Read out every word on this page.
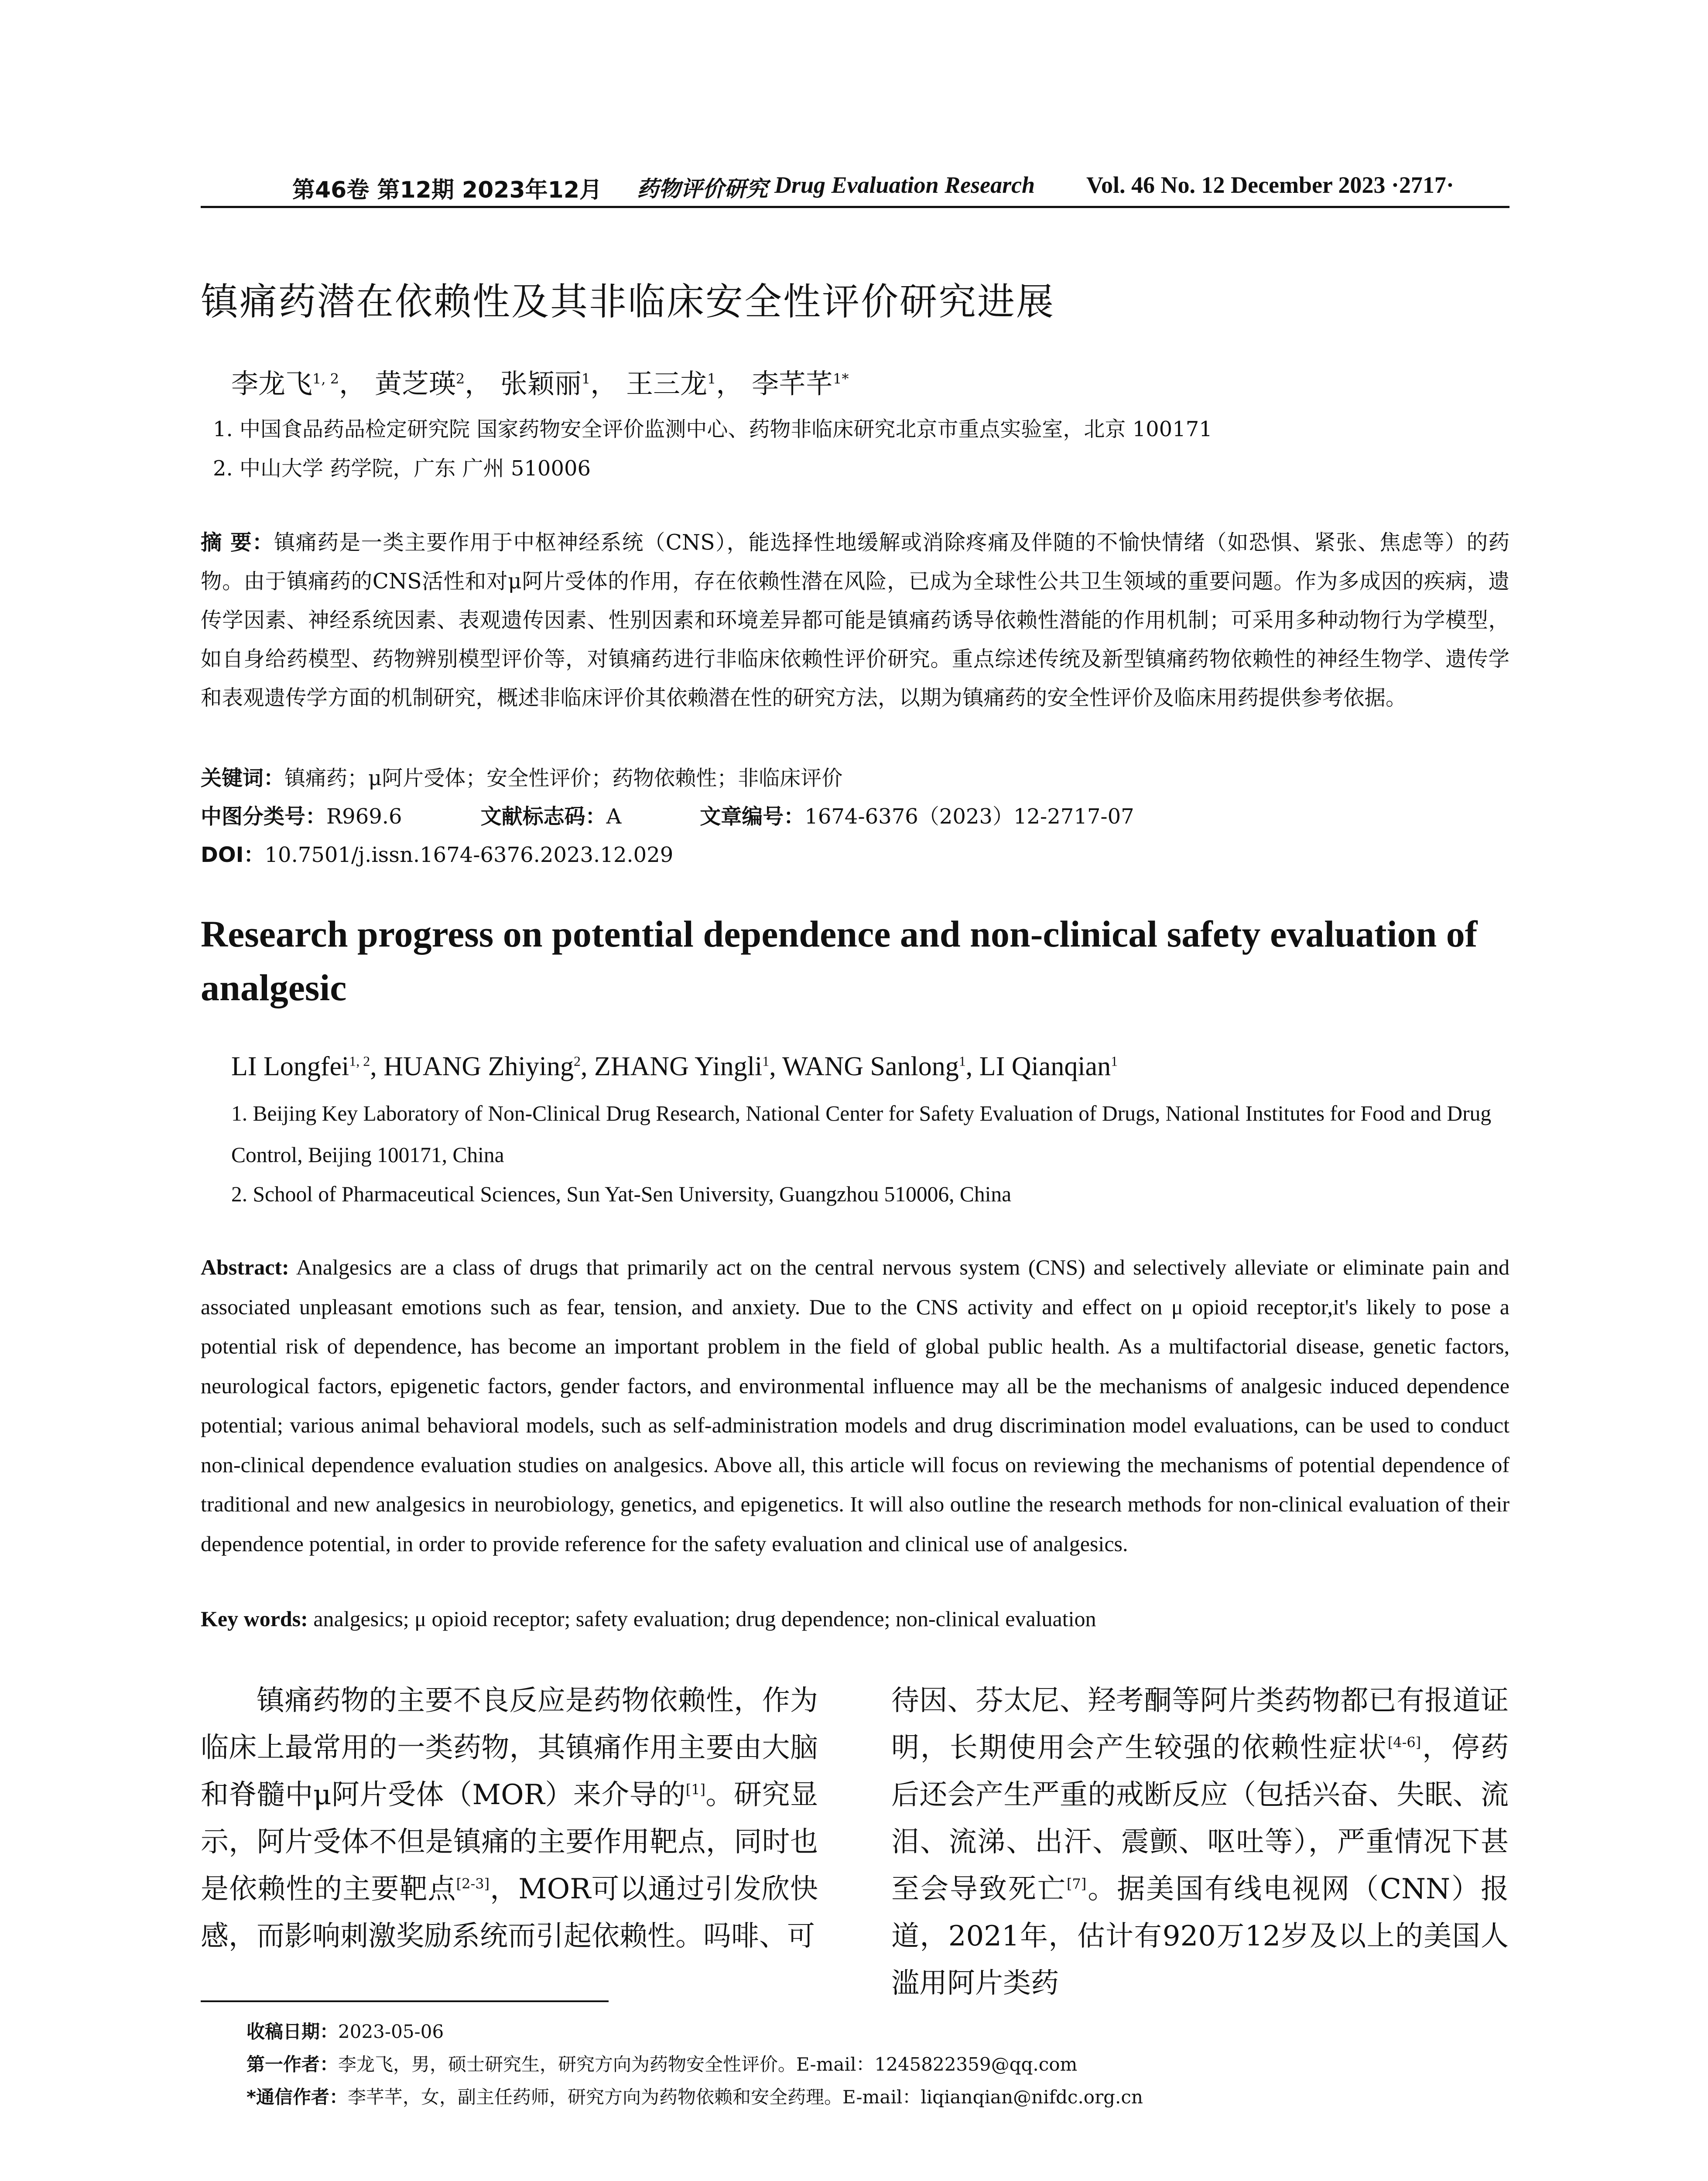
第46卷 第12期 2023年12月 药物评价研究 Drug Evaluation Research Vol. 46 No. 12 December 2023 ·2717·
镇痛药潜在依赖性及其非临床安全性评价研究进展
李龙飞$^{1, 2}$， 黄芝瑛$^2$， 张颖丽$^1$， 王三龙$^1$， 李芊芊$^{1*}$
1. 中国食品药品检定研究院 国家药物安全评价监测中心、药物非临床研究北京市重点实验室，北京 100171
2. 中山大学 药学院，广东 广州 510006
摘 要：镇痛药是一类主要作用于中枢神经系统（CNS），能选择性地缓解或消除疼痛及伴随的不愉快情绪（如恐惧、紧张、焦虑等）的药物。由于镇痛药的CNS活性和对μ阿片受体的作用，存在依赖性潜在风险，已成为全球性公共卫生领域的重要问题。作为多成因的疾病，遗传学因素、神经系统因素、表观遗传因素、性别因素和环境差异都可能是镇痛药诱导依赖性潜能的作用机制；可采用多种动物行为学模型，如自身给药模型、药物辨别模型评价等，对镇痛药进行非临床依赖性评价研究。重点综述传统及新型镇痛药物依赖性的神经生物学、遗传学和表观遗传学方面的机制研究，概述非临床评价其依赖潜在性的研究方法，以期为镇痛药的安全性评价及临床用药提供参考依据。
关键词：镇痛药；μ阿片受体；安全性评价；药物依赖性；非临床评价
中图分类号：R969.6	文献标志码：A	文章编号：1674-6376（2023）12-2717-07
DOI：10.7501/j.issn.1674-6376.2023.12.029
Research progress on potential dependence and non-clinical safety evaluation of analgesic
LI Longfei$^{1, 2}$, HUANG Zhiying$^2$, ZHANG Yingli$^1$, WANG Sanlong$^1$, LI Qianqian$^1$
1. Beijing Key Laboratory of Non-Clinical Drug Research, National Center for Safety Evaluation of Drugs, National Institutes for Food and Drug Control, Beijing 100171, China
2. School of Pharmaceutical Sciences, Sun Yat-Sen University, Guangzhou 510006, China
Abstract: Analgesics are a class of drugs that primarily act on the central nervous system (CNS) and selectively alleviate or eliminate pain and associated unpleasant emotions such as fear, tension, and anxiety. Due to the CNS activity and effect on μ opioid receptor,it's likely to pose a potential risk of dependence, has become an important problem in the field of global public health. As a multifactorial disease, genetic factors, neurological factors, epigenetic factors, gender factors, and environmental influence may all be the mechanisms of analgesic induced dependence potential; various animal behavioral models, such as self-administration models and drug discrimination model evaluations, can be used to conduct non-clinical dependence evaluation studies on analgesics. Above all, this article will focus on reviewing the mechanisms of potential dependence of traditional and new analgesics in neurobiology, genetics, and epigenetics. It will also outline the research methods for non-clinical evaluation of their dependence potential, in order to provide reference for the safety evaluation and clinical use of analgesics.
Key words: analgesics; μ opioid receptor; safety evaluation; drug dependence; non-clinical evaluation
镇痛药物的主要不良反应是药物依赖性，作为临床上最常用的一类药物，其镇痛作用主要由大脑和脊髓中μ阿片受体（MOR）来介导的[1]。研究显示，阿片受体不但是镇痛的主要作用靶点，同时也是依赖性的主要靶点[2-3]，MOR可以通过引发欣快感，而影响刺激奖励系统而引起依赖性。吗啡、可
待因、芬太尼、羟考酮等阿片类药物都已有报道证明，长期使用会产生较强的依赖性症状[4-6]，停药后还会产生严重的戒断反应（包括兴奋、失眠、流泪、流涕、出汗、震颤、呕吐等），严重情况下甚至会导致死亡[7]。据美国有线电视网（CNN）报道，2021年，估计有920万12岁及以上的美国人滥用阿片类药
收稿日期：2023-05-06
第一作者：李龙飞，男，硕士研究生，研究方向为药物安全性评价。E-mail：1245822359@qq.com
*通信作者：李芊芊，女，副主任药师，研究方向为药物依赖和安全药理。E-mail：liqianqian@nifdc.org.cn
